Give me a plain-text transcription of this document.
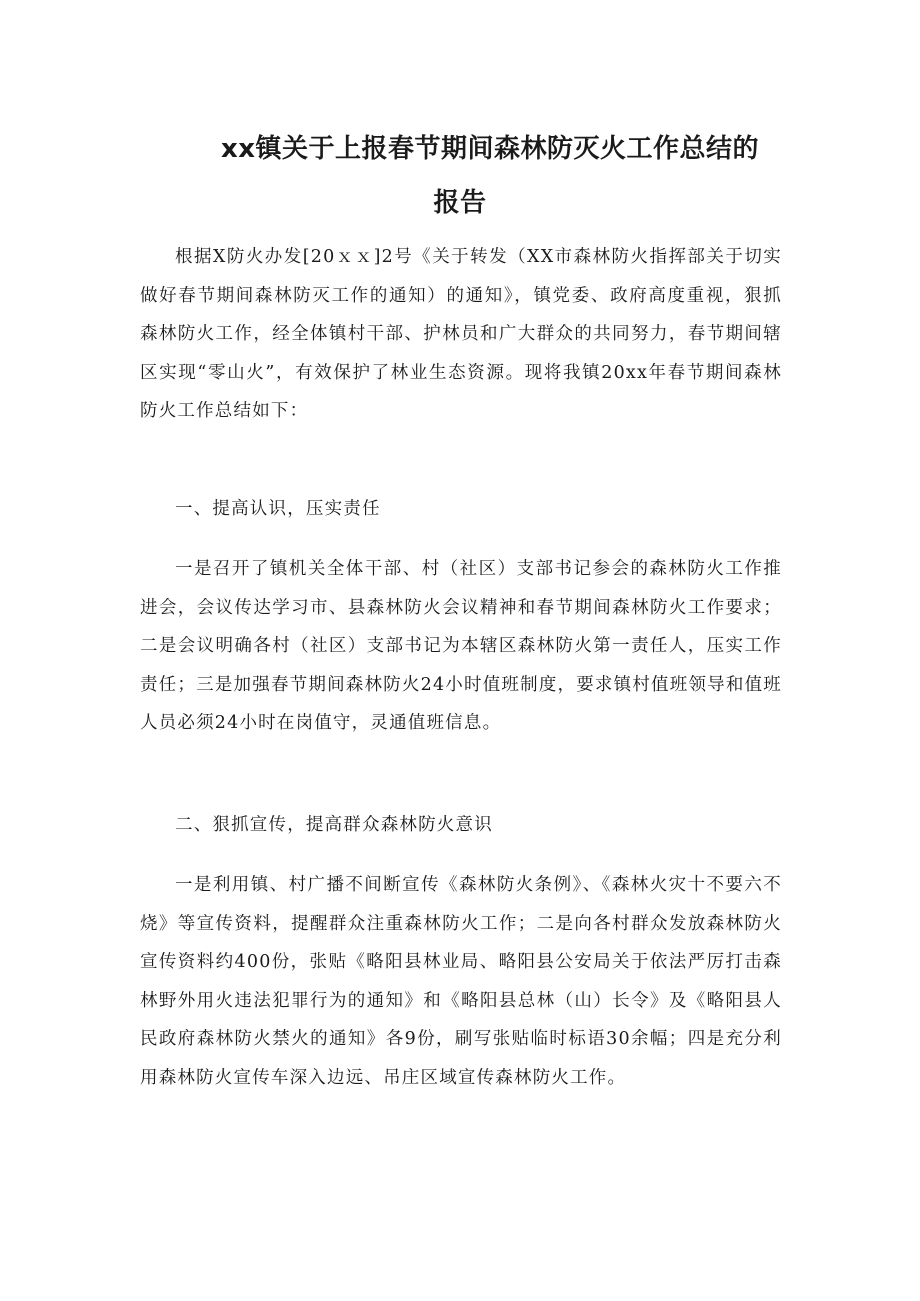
xx镇关于上报春节期间森林防灭火工作总结的
报告

根据X防火办发[20ｘｘ]2号《关于转发（XX市森林防火指挥部关于切实做好春节期间森林防灭工作的通知）的通知》，镇党委、政府高度重视，狠抓森林防火工作，经全体镇村干部、护林员和广大群众的共同努力，春节期间辖区实现“零山火”，有效保护了林业生态资源。现将我镇20xx年春节期间森林防火工作总结如下：

一、提高认识，压实责任

一是召开了镇机关全体干部、村（社区）支部书记参会的森林防火工作推进会，会议传达学习市、县森林防火会议精神和春节期间森林防火工作要求；二是会议明确各村（社区）支部书记为本辖区森林防火第一责任人，压实工作责任；三是加强春节期间森林防火24小时值班制度，要求镇村值班领导和值班人员必须24小时在岗值守，灵通值班信息。

二、狠抓宣传，提高群众森林防火意识

一是利用镇、村广播不间断宣传《森林防火条例》、《森林火灾十不要六不烧》等宣传资料，提醒群众注重森林防火工作；二是向各村群众发放森林防火宣传资料约400份，张贴《略阳县林业局、略阳县公安局关于依法严厉打击森林野外用火违法犯罪行为的通知》和《略阳县总林（山）长令》及《略阳县人民政府森林防火禁火的通知》各9份，刷写张贴临时标语30余幅；四是充分利用森林防火宣传车深入边远、吊庄区域宣传森林防火工作。
